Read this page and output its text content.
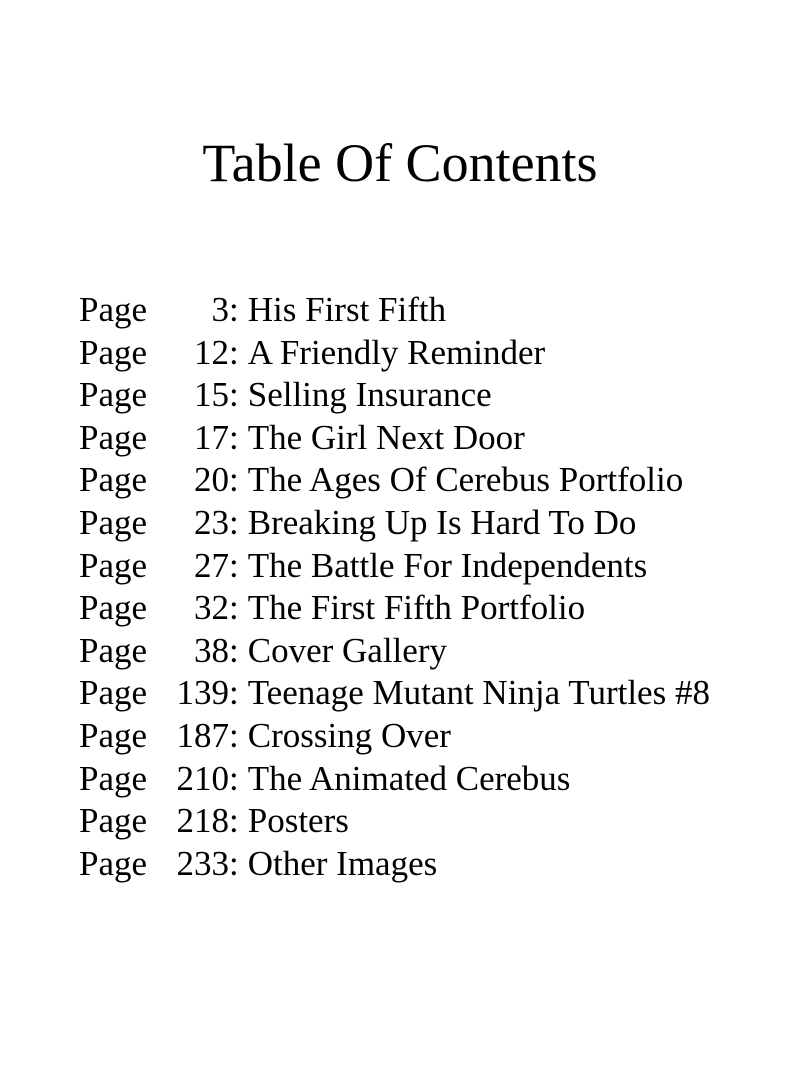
Table Of Contents
Page	3 : His First Fifth
Page	12 : A Friendly Reminder
Page	15 : Selling Insurance
Page	17 : The Girl Next Door
Page	20 : The Ages Of Cerebus Portfolio
Page	23 : Breaking Up Is Hard To Do
Page	27 : The Battle For Independents
Page	32 : The First Fifth Portfolio
Page	38 : Cover Gallery
Page 139 : Teenage Mutant Ninja Turtles #8
Page 187 : Crossing Over
Page 210 : The Animated Cerebus
Page 218 : Posters
Page 233 : Other Images
